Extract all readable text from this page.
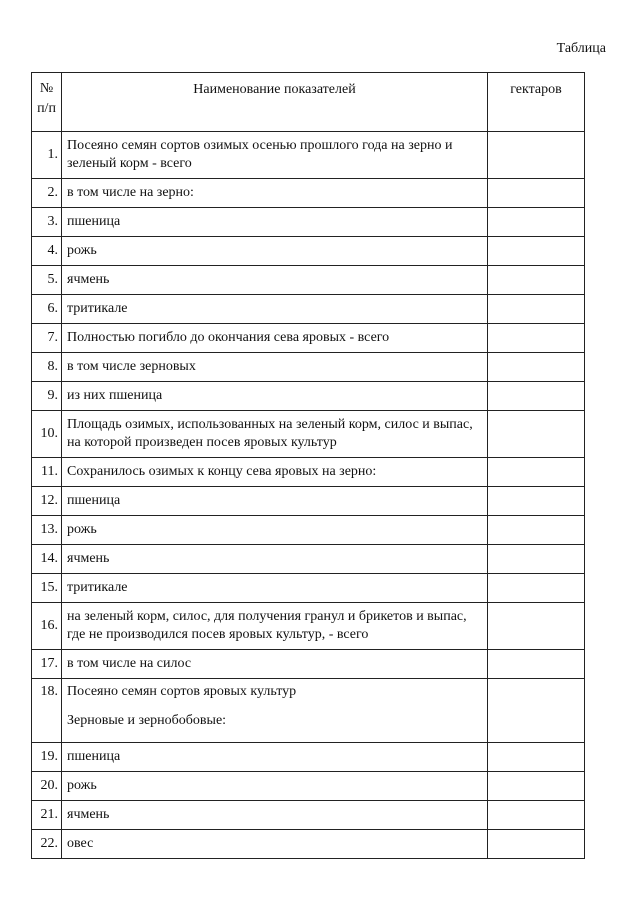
Таблица
№
п/п	Наименование показателей	гектаров
1.	Посеяно семян сортов озимых осенью прошлого года на зерно и зеленый корм - всего	
2.	в том числе на зерно:	
3.	пшеница	
4.	рожь	
5.	ячмень	
6.	тритикале	
7.	Полностью погибло до окончания сева яровых - всего	
8.	в том числе зерновых	
9.	из них пшеница	
10.	Площадь озимых, использованных на зеленый корм, силос и выпас, на которой произведен посев яровых культур	
11.	Сохранилось озимых к концу сева яровых на зерно:	
12.	пшеница	
13.	рожь	
14.	ячмень	
15.	тритикале	
16.	на зеленый корм, силос, для получения гранул и брикетов и выпас, где не производился посев яровых культур, - всего	
17.	в том числе на силос	
18.	Посеяно семян сортов яровых культур
Зерновые и зернобобовые:	

19.	пшеница	
20.	рожь	
21.	ячмень	
22.	овес	
